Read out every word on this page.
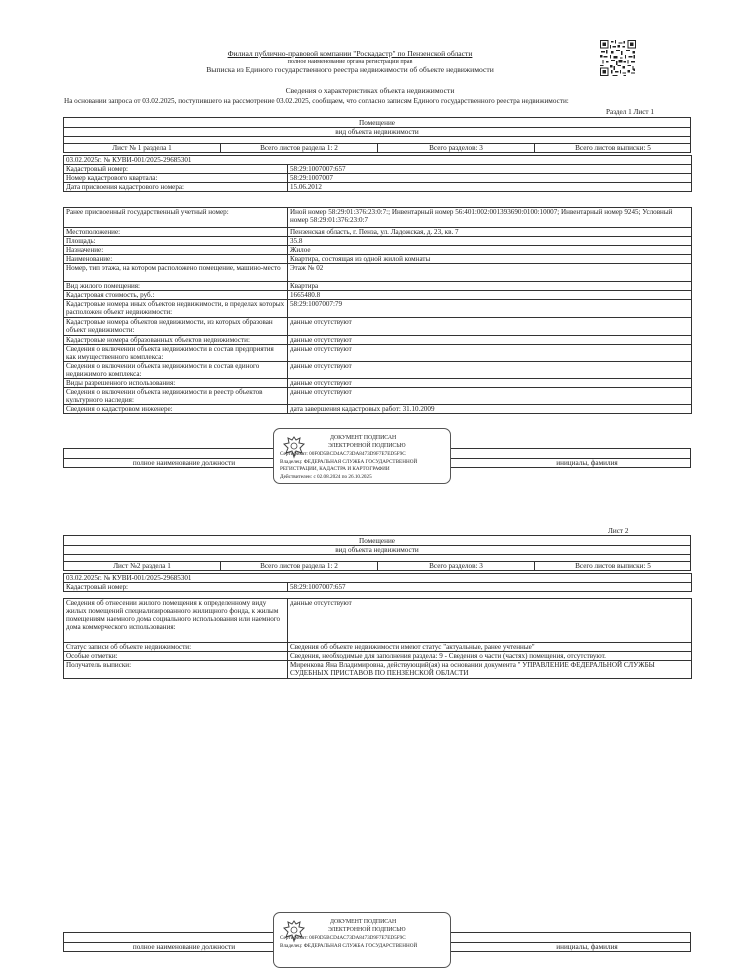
Филиал публично-правовой компании "Роскадастр" по Пензенской области
полное наименование органа регистрации прав
Выписка из Единого государственного реестра недвижимости об объекте недвижимости
Сведения о характеристиках объекта недвижимости
На основании запроса от 03.02.2025, поступившего на рассмотрение 03.02.2025, сообщаем, что согласно записям Единого государственного реестра недвижимости:
Раздел 1 Лист 1
Помещение
вид объекта недвижимости
Лист № 1 раздела 1	Всего листов раздела 1: 2	Всего разделов: 3	Всего листов выписки: 5
03.02.2025г. № КУВИ-001/2025-29685301	
Кадастровый номер:	58:29:1007007:657
Номер кадастрового квартала:	58:29:1007007
Дата присвоения кадастрового номера:	15.06.2012
Ранее присвоенный государственный учетный номер:	Иной номер 58:29:01:376:23:0:7:; Инвентарный номер 56:401:002:001393690:0100:10007; Инвентарный номер 9245; Условный номер 58:29:01:376:23:0:7
Местоположение:	Пензенская область, г. Пенза, ул. Ладожская, д. 23, кв. 7
Площадь:	35.8
Назначение:	Жилое
Наименование:	Квартира, состоящая из одной жилой комнаты
Номер, тип этажа, на котором расположено помещение, машино-место	Этаж № 02
Вид жилого помещения:	Квартира
Кадастровая стоимость, руб.:	1665480.8
Кадастровые номера иных объектов недвижимости, в пределах которых расположен объект недвижимости:	58:29:1007007:79
Кадастровые номера объектов недвижимости, из которых образован объект недвижимости:	данные отсутствуют
Кадастровые номера образованных объектов недвижимости:	данные отсутствуют
Сведения о включении объекта недвижимости в состав предприятия как имущественного комплекса:	данные отсутствуют
Сведения о включении объекта недвижимости в состав единого недвижимого комплекса:	данные отсутствуют
Виды разрешенного использования:	данные отсутствуют
Сведения о включении объекта недвижимости в реестр объектов культурного наследия:	данные отсутствуют
Сведения о кадастровом инженере:	дата завершения кадастровых работ: 31.10.2009
полное наименование должности	инициалы, фамилия
ДОКУМЕНТ ПОДПИСАН
ЭЛЕКТРОННОЙ ПОДПИСЬЮ
Сертификат: 00F0D5BCD4AC73DA8473D9F7E7ED5F9C
Владелец: ФЕДЕРАЛЬНАЯ СЛУЖБА ГОСУДАРСТВЕННОЙ
РЕГИСТРАЦИИ, КАДАСТРА И КАРТОГРАФИИ
Действителен: с 02.08.2024 по 26.10.2025
Лист 2
Помещение
вид объекта недвижимости
Лист №2 раздела 1	Всего листов раздела 1: 2	Всего разделов: 3	Всего листов выписки: 5
03.02.2025г. № КУВИ-001/2025-29685301
Кадастровый номер:	58:29:1007007:657
Сведения об отнесении жилого помещения к определенному виду жилых помещений специализированного жилищного фонда, к жилым помещениям наемного дома социального использования или наемного дома коммерческого использования:	данные отсутствуют
Статус записи об объекте недвижимости:	Сведения об объекте недвижимости имеют статус "актуальные, ранее учтенные"
Особые отметки:	Сведения, необходимые для заполнения раздела: 9 - Сведения о части (частях) помещения, отсутствуют.
Получатель выписки:	Миренкова Яна Владимировна, действующий(ая) на основании документа " УПРАВЛЕНИЕ ФЕДЕРАЛЬНОЙ СЛУЖБЫ СУДЕБНЫХ ПРИСТАВОВ ПО ПЕНЗЕНСКОЙ ОБЛАСТИ
полное наименование должности	инициалы, фамилия
ДОКУМЕНТ ПОДПИСАН
ЭЛЕКТРОННОЙ ПОДПИСЬЮ
Сертификат: 00F0D5BCD4AC73DA8473D9F7E7ED5F9C
Владелец: ФЕДЕРАЛЬНАЯ СЛУЖБА ГОСУДАРСТВЕННОЙ
